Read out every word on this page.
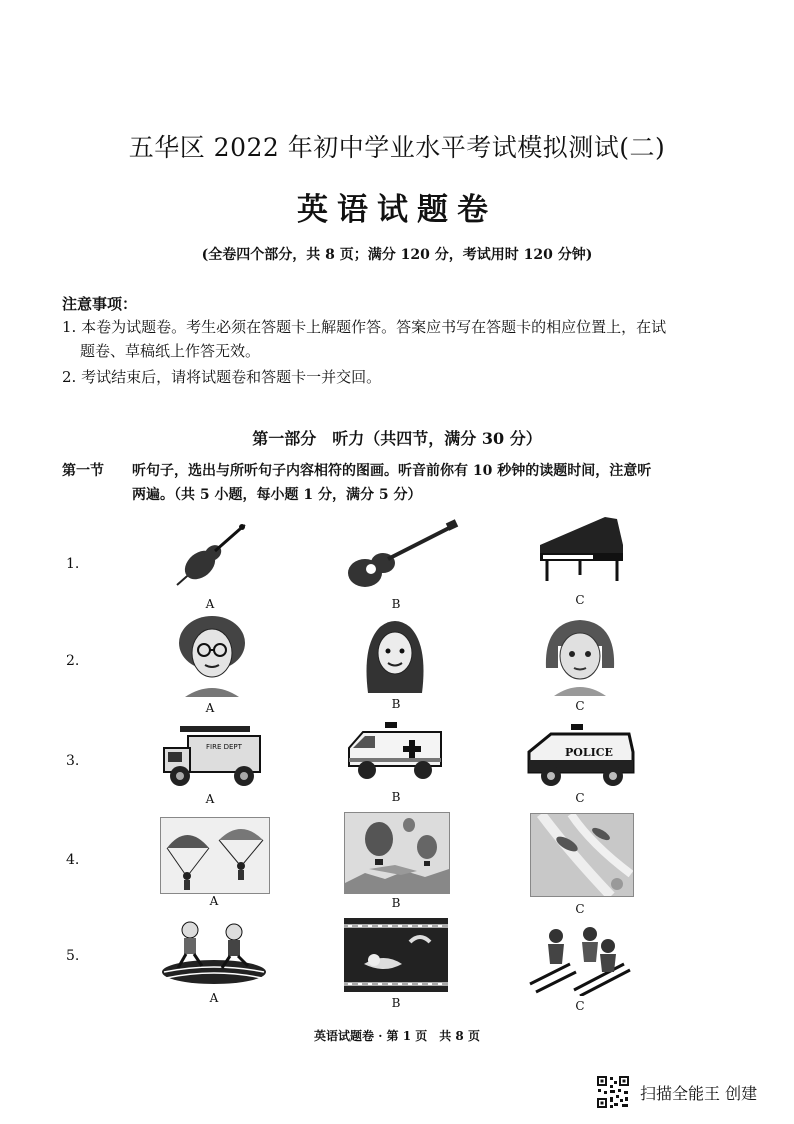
五华区 2022 年初中学业水平考试模拟测试(二)
英语试题卷
(全卷四个部分，共 8 页；满分 120 分，考试用时 120 分钟)
注意事项：
1. 本卷为试题卷。考生必须在答题卡上解题作答。答案应书写在答题卡的相应位置上，在试
题卷、草稿纸上作答无效。
2. 考试结束后，请将试题卷和答题卡一并交回。
第一部分　听力（共四节，满分 30 分）
第一节 听句子，选出与所听句子内容相符的图画。听音前你有 10 秒钟的读题时间，注意听
两遍。（共 5 小题，每小题 1 分，满分 5 分）
1.
A	B	C
2.
A	B	C
3.
FIRE DEPT
A	B
POLICE
C
4.
A	B	C
5.
A	B	C
英语试题卷 · 第 1 页　共 8 页
扫描全能王 创建
